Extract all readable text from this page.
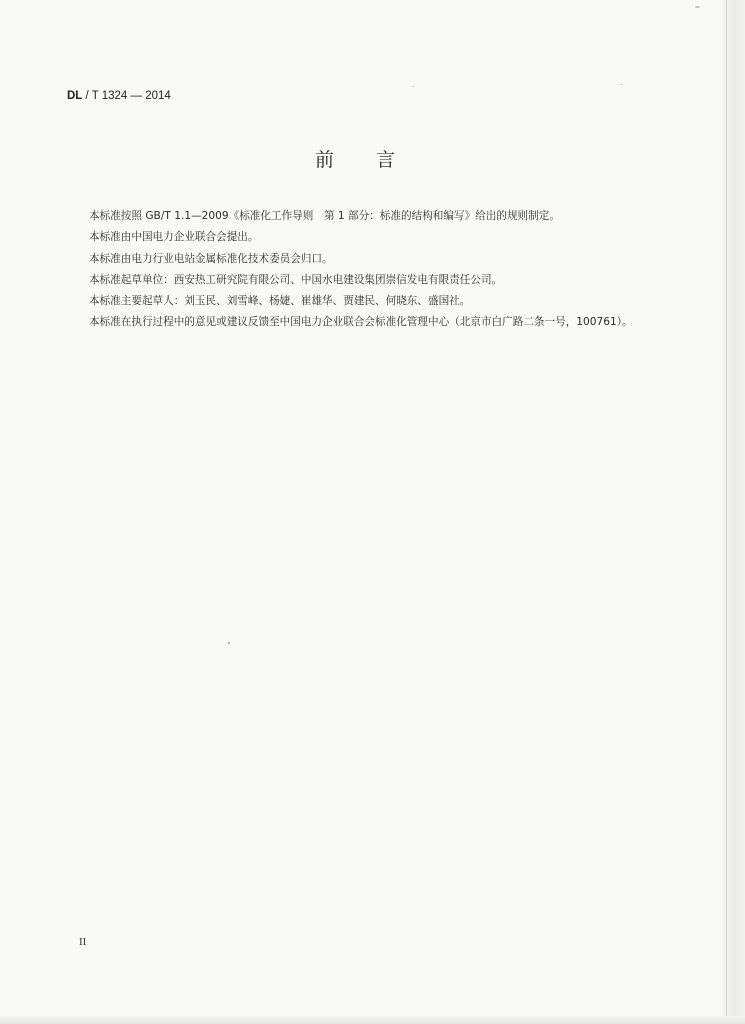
DL / T 1324 — 2014
前言

本标准按照 GB/T 1.1—2009《标准化工作导则　第 1 部分：标准的结构和编写》给出的规则制定。

本标准由中国电力企业联合会提出。

本标准由电力行业电站金属标准化技术委员会归口。

本标准起草单位：西安热工研究院有限公司、中国水电建设集团崇信发电有限责任公司。

本标准主要起草人：刘玉民、刘雪峰、杨婕、崔雄华、贾建民、何晓东、盛国社。

本标准在执行过程中的意见或建议反馈至中国电力企业联合会标准化管理中心（北京市白广路二条一号，100761）。

II
